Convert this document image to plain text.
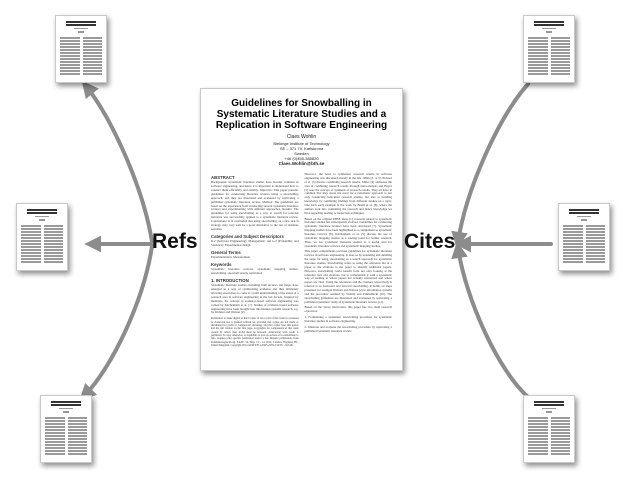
Refs	Cites
Guidelines for Snowballing in Systematic Literature Studies and a Replication in Software Engineering
Claes Wohlin
Blekinge Institute of Technology
SE – 371 79, Karlskrona
Sweden
+46 (0)455-385820
Claes.Wohlin@bth.se
ABSTRACT

Background: Systematic literature studies have become common in software engineering, and hence it is important to understand how to conduct them efficiently and reliably. Objective: This paper presents guidelines for conducting literature reviews using a snowballing approach, and they are illustrated and evaluated by replicating a published systematic literature review. Method: The guidelines are based on the experience from conducting several systematic literature reviews and experimenting with different approaches. Results: The guidelines for using snowballing as a way to search for relevant literature was successfully applied to a systematic literature review. Conclusions: It is concluded that using snowballing, as a first search strategy, may very well be a good alternative to the use of database searches.

Categories and Subject Descriptors

D.2 [Software Engineering]: Management; and G.3 [Probability and Statistics]: Experimental design.

General Terms

Experimentation, Measurement

Keywords

Systematic literature reviews, systematic mapping studies, snowballing, snowball search, replication

1. INTRODUCTION

Systematic literature studies, including both reviews and maps, have emerged as a way of synthesizing evidence and thus ultimately allowing researchers to come to a joint understanding of the status of a research area in software engineering in the last decade. Inspired by medicine, the concept of evidence-based software engineering was coined by Kitchenham et al. [1]. Studies of evidence-based software engineering have been brought into information systems research, e.g. by Webster and Watson [2].

Permission to make digital or hard copies of all or part of this work for personal or classroom use is granted without fee provided that copies are not made or distributed for profit or commercial advantage and that copies bear this notice and the full citation on the first page. Copyrights for components of this work owned by others than ACM must be honored. Abstracting with credit is permitted. To copy otherwise, or republish, to post on servers or to redistribute to lists, requires prior specific permission and/or a fee. Request permissions from Permissions@acm.org. EASE '14, May 13 - 14 2014, London, England, BC, United Kingdom. Copyright 2014 ACM 978-1-4503-2476-2/14/05 ...$15.00.

However, the need to synthesize research results in software engineering was discussed already in the late 1990s [3, 4, 5]. Pickard et al. [3] discuss combining research results, Miller [4] addresses the area of combining research results through meta-analysis and Hayes [5] uses the concept of synthesis of research results. They all have in common that they stress the need for a systematic approach to not only conducting individual research studies, but also to building knowledge by combining findings from different studies on a topic. One such early example is the work by Basili et al. [6], where the authors look into combining the research and hence knowledge we have regarding reading or inspection techniques.

Based on the original EBSE ideas [1], research related to systematic literature studies has subsequently evolved. Guidelines for conducting systematic literature reviews have been developed [7]. Systematic mapping studies have been highlighted as a complement to systematic literature reviews [8]. Kitchenham et al. [9] discuss the use of systematic mapping studies as a starting point for further research. Thus, we see systematic literature studies as a useful area for systematic literature reviews and systematic mapping studies.

This paper complements previous guidelines for systematic literature reviews in software engineering. It does so by extending and detailing the steps for using snowballing as a search approach for systematic literature studies. Snowballing refers to using the reference list of a paper or the citations to the paper to identify additional papers. However, snowballing could benefit from not only looking at the reference lists and citations, but to complement it with a systematic way of looking at where papers are actually referenced and where papers are cited. Using the references and the citations respectively is referred to as backward and forward snowballing. It builds on steps presented for example Webster and Watson [2] in information systems and the procedure outlined by Wohlin and Prikladnicki [10]. The snowballing guidelines are illustrated and evaluated by replicating a published systematic study of systematic literature reviews [11].

Based on the above motivation, this paper has two main research objectives:

1. Formulating a systematic snowballing procedure for systematic literature studies in software engineering.

2. Illustrate and evaluate the snowballing procedure by replicating a published systematic literature review.
